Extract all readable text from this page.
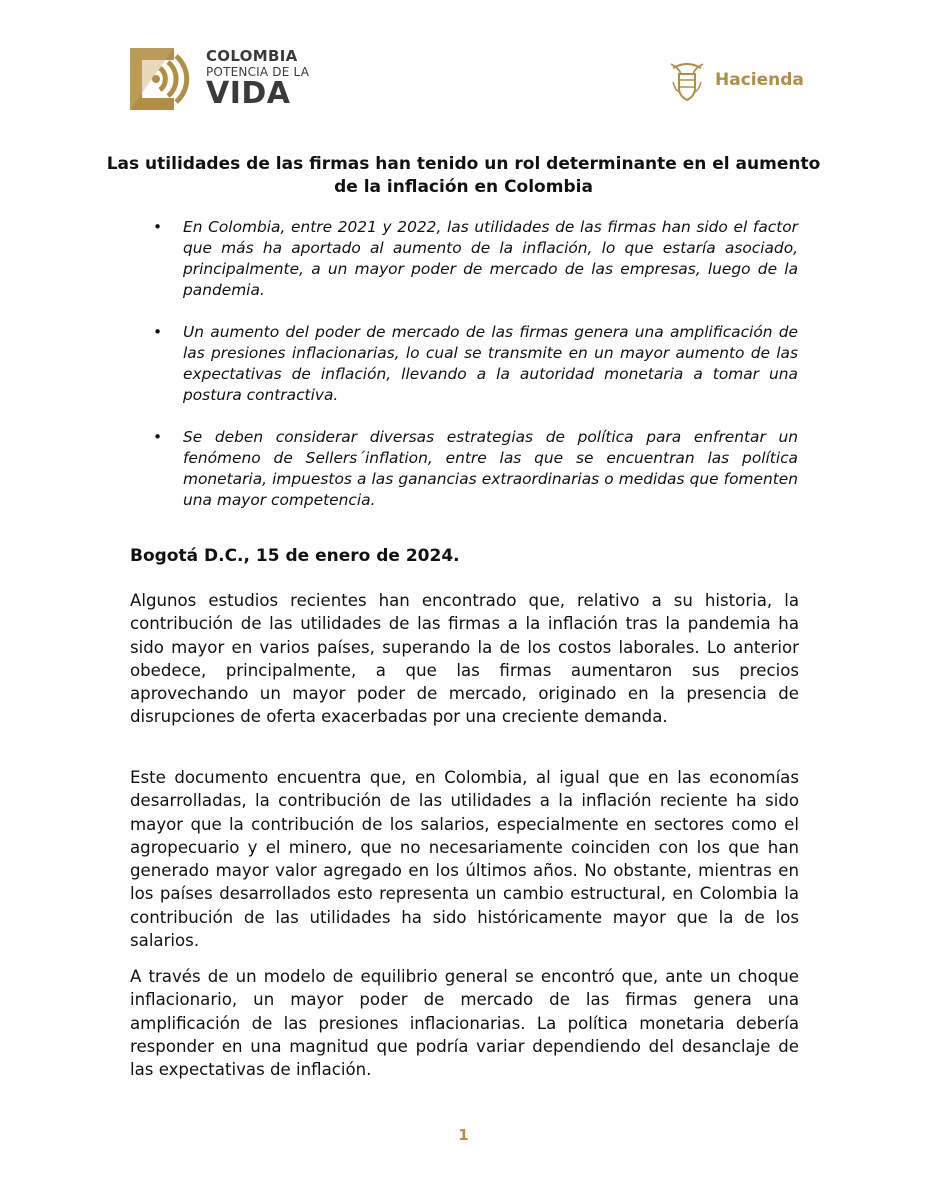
COLOMBIA
POTENCIA DE LA
VIDA	Hacienda
Las utilidades de las firmas han tenido un rol determinante en el aumento de la inflación en Colombia
• En Colombia, entre 2021 y 2022, las utilidades de las firmas han sido el factor que más ha aportado al aumento de la inflación, lo que estaría asociado, principalmente, a un mayor poder de mercado de las empresas, luego de la pandemia.
• Un aumento del poder de mercado de las firmas genera una amplificación de las presiones inflacionarias, lo cual se transmite en un mayor aumento de las expectativas de inflación, llevando a la autoridad monetaria a tomar una postura contractiva.
• Se deben considerar diversas estrategias de política para enfrentar un fenómeno de Sellers´inflation, entre las que se encuentran las política monetaria, impuestos a las ganancias extraordinarias o medidas que fomenten una mayor competencia.
Bogotá D.C., 15 de enero de 2024.

Algunos estudios recientes han encontrado que, relativo a su historia, la contribución de las utilidades de las firmas a la inflación tras la pandemia ha sido mayor en varios países, superando la de los costos laborales. Lo anterior obedece, principalmente, a que las firmas aumentaron sus precios aprovechando un mayor poder de mercado, originado en la presencia de disrupciones de oferta exacerbadas por una creciente demanda.

Este documento encuentra que, en Colombia, al igual que en las economías desarrolladas, la contribución de las utilidades a la inflación reciente ha sido mayor que la contribución de los salarios, especialmente en sectores como el agropecuario y el minero, que no necesariamente coinciden con los que han generado mayor valor agregado en los últimos años. No obstante, mientras en los países desarrollados esto representa un cambio estructural, en Colombia la contribución de las utilidades ha sido históricamente mayor que la de los salarios.

A través de un modelo de equilibrio general se encontró que, ante un choque inflacionario, un mayor poder de mercado de las firmas genera una amplificación de las presiones inflacionarias. La política monetaria debería responder en una magnitud que podría variar dependiendo del desanclaje de las expectativas de inflación.

1
